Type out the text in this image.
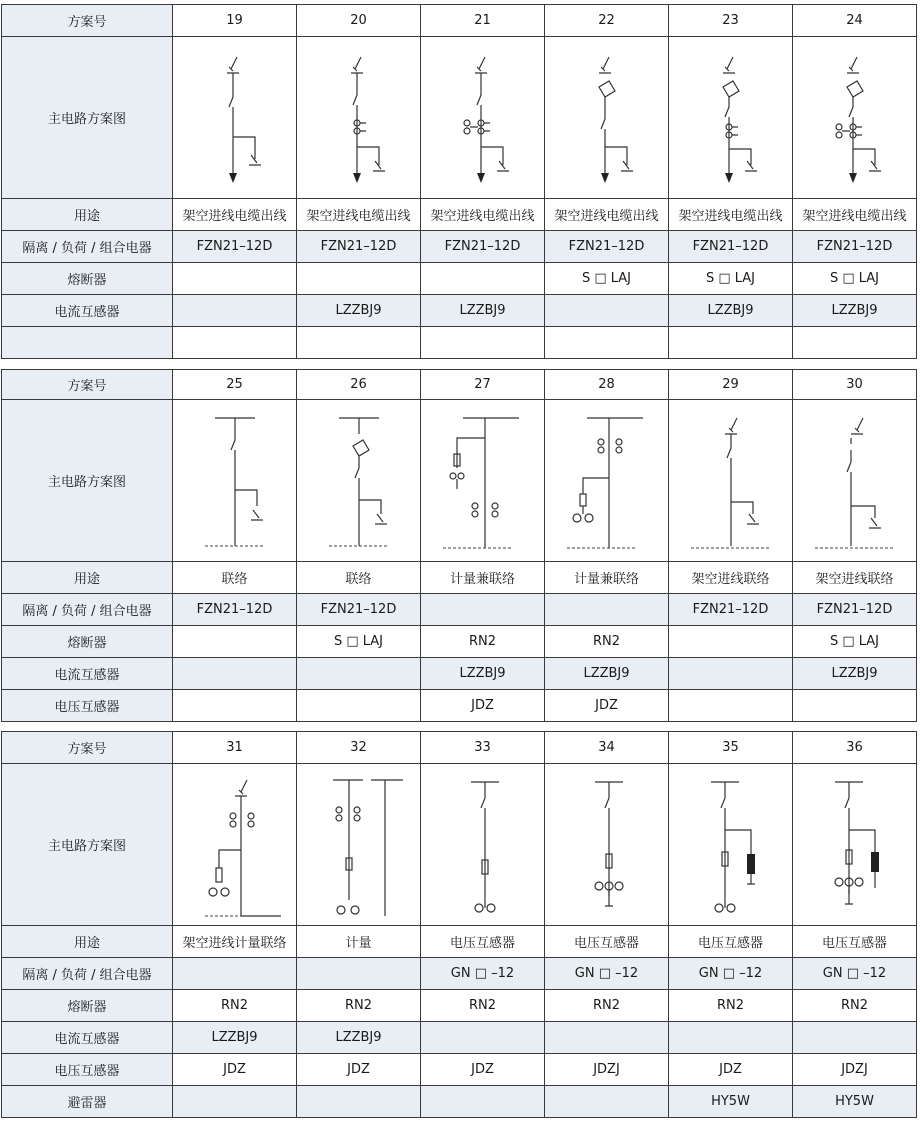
方案号	19	20	21	22	23	24
主电路方案图	

用途	架空进线电缆出线	架空进线电缆出线	架空进线电缆出线	架空进线电缆出线	架空进线电缆出线	架空进线电缆出线
隔离 / 负荷 / 组合电器	FZN21–12D	FZN21–12D	FZN21–12D	FZN21–12D	FZN21–12D	FZN21–12D
熔断器				S □ LAJ	S □ LAJ	S □ LAJ
电流互感器		LZZBJ9	LZZBJ9		LZZBJ9	LZZBJ9

方案号	25	26	27	28	29	30
主电路方案图	

用途	联络	联络	计量兼联络	计量兼联络	架空进线联络	架空进线联络
隔离 / 负荷 / 组合电器	FZN21–12D	FZN21–12D			FZN21–12D	FZN21–12D
熔断器		S □ LAJ	RN2	RN2		S □ LAJ
电流互感器			LZZBJ9	LZZBJ9		LZZBJ9
电压互感器			JDZ	JDZ		
方案号	31	32	33	34	35	36
主电路方案图	

用途	架空进线计量联络	计量	电压互感器	电压互感器	电压互感器	电压互感器
隔离 / 负荷 / 组合电器			GN □ –12	GN □ –12	GN □ –12	GN □ –12
熔断器	RN2	RN2	RN2	RN2	RN2	RN2
电流互感器	LZZBJ9	LZZBJ9				
电压互感器	JDZ	JDZ	JDZ	JDZJ	JDZ	JDZJ
避雷器					HY5W	HY5W
